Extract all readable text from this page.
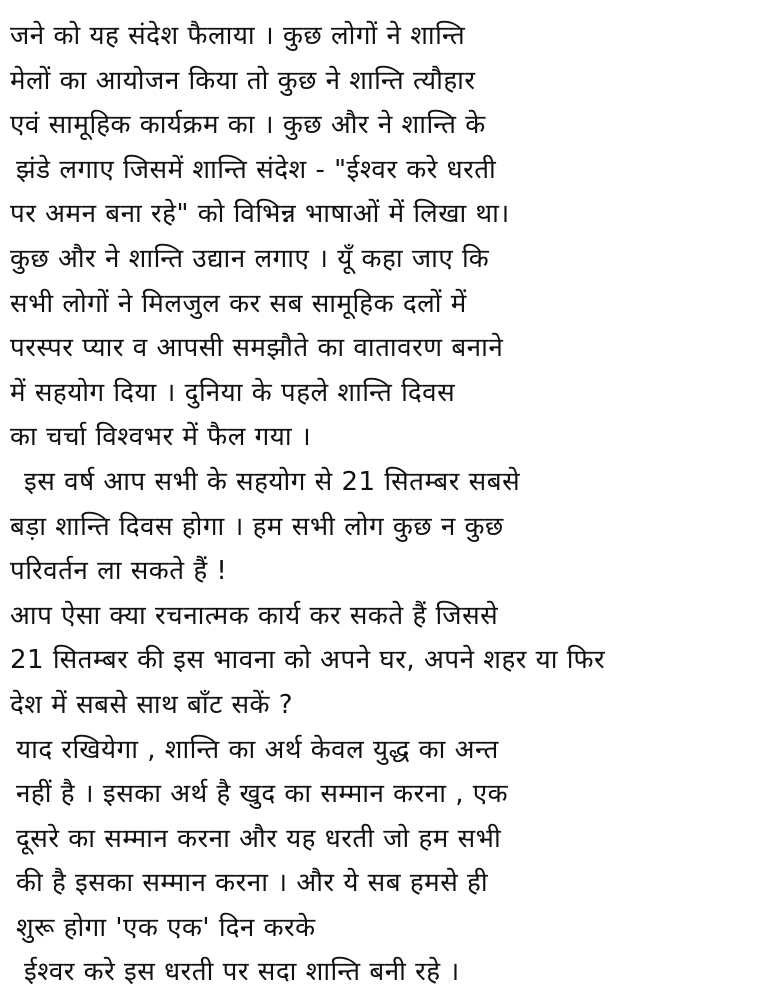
जने को यह संदेश फैलाया । कुछ लोगों ने शान्ति
मेलों का आयोजन किया तो कुछ ने शान्ति त्यौहार
एवं सामूहिक कार्यक्रम का । कुछ और ने शान्ति के
झंडे लगाए जिसमें शान्ति संदेश - "ईश्वर करे धरती
पर अमन बना रहे" को विभिन्न भाषाओं में लिखा था।
कुछ और ने शान्ति उद्यान लगाए । यूँ कहा जाए कि
सभी लोगों ने मिलजुल कर सब सामूहिक दलों में
परस्पर प्यार व आपसी समझौते का वातावरण बनाने
में सहयोग दिया । दुनिया के पहले शान्ति दिवस
का चर्चा विश्वभर में फैल गया ।
इस वर्ष आप सभी के सहयोग से 21 सितम्बर सबसे
बड़ा शान्ति दिवस होगा । हम सभी लोग कुछ न कुछ
परिवर्तन ला सकते हैं !
आप ऐसा क्या रचनात्मक कार्य कर सकते हैं जिससे
21 सितम्बर की इस भावना को अपने घर, अपने शहर या फिर
देश में सबसे साथ बाँट सकें ?
याद रखियेगा , शान्ति का अर्थ केवल युद्ध का अन्त
नहीं है । इसका अर्थ है खुद का सम्मान करना , एक
दूसरे का सम्मान करना और यह धरती जो हम सभी
की है इसका सम्मान करना । और ये सब हमसे ही
शुरू होगा 'एक एक' दिन करके
ईश्वर करे इस धरती पर सदा शान्ति बनी रहे ।
